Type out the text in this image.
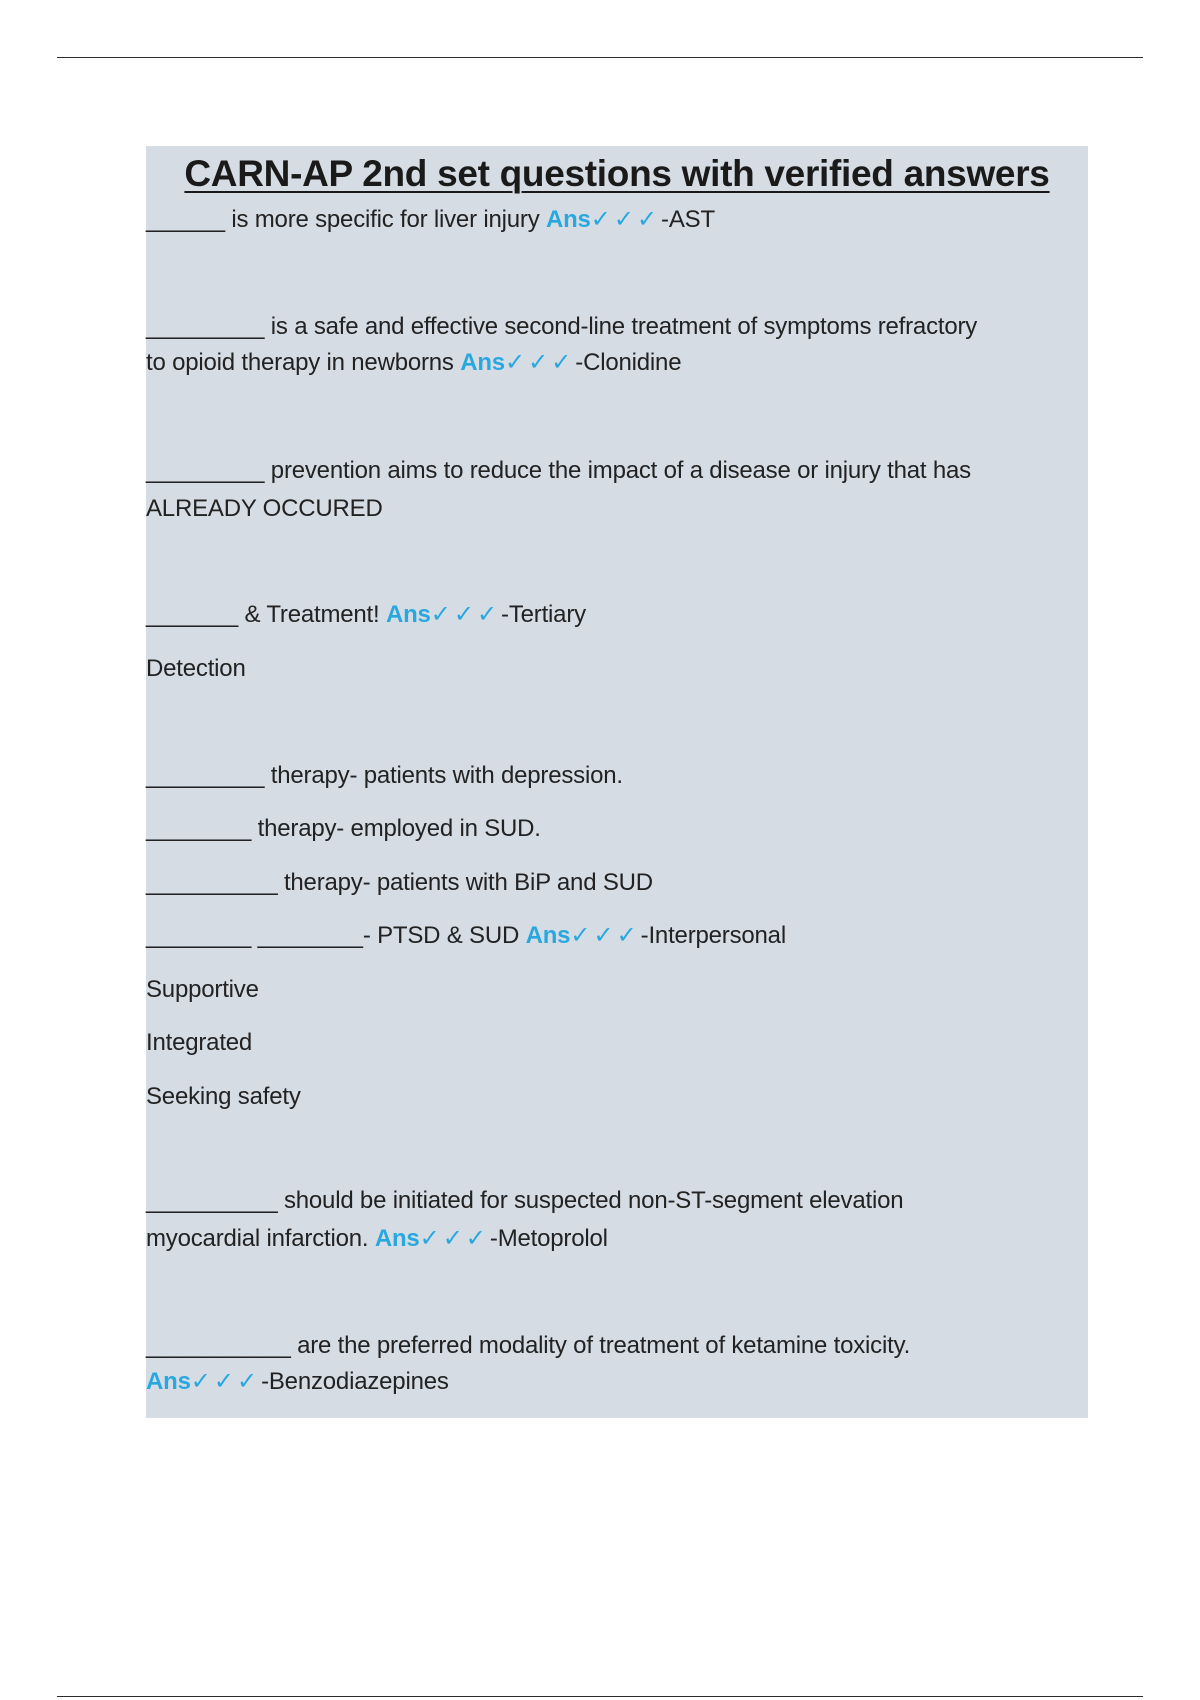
CARN-AP 2nd set questions with verified answers
______ is more specific for liver injury Ans✓✓✓-AST
_________ is a safe and effective second-line treatment of symptoms refractory
to opioid therapy in newborns Ans✓✓✓-Clonidine
_________ prevention aims to reduce the impact of a disease or injury that has
ALREADY OCCURED
_______ & Treatment! Ans✓✓✓-Tertiary
Detection
_________ therapy- patients with depression.
________ therapy- employed in SUD.
__________ therapy- patients with BiP and SUD
________ ________- PTSD & SUD Ans✓✓✓-Interpersonal
Supportive
Integrated
Seeking safety
__________ should be initiated for suspected non-ST-segment elevation
myocardial infarction. Ans✓✓✓-Metoprolol
___________ are the preferred modality of treatment of ketamine toxicity.
Ans✓✓✓-Benzodiazepines
